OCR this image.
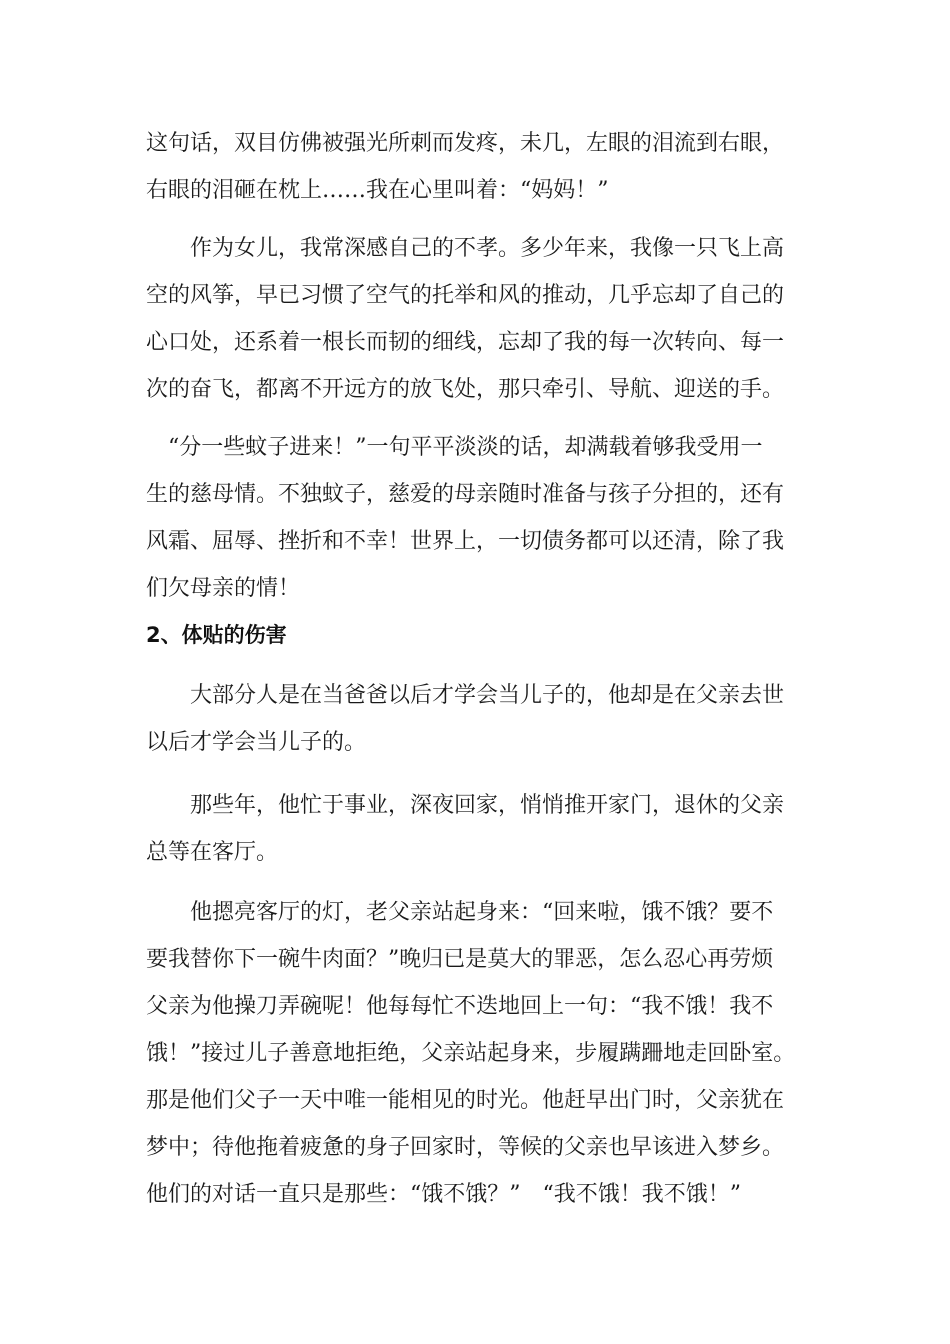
这句话，双目仿佛被强光所刺而发疼，未几，左眼的泪流到右眼，
右眼的泪砸在枕上……我在心里叫着：“妈妈！”
　　作为女儿，我常深感自己的不孝。多少年来，我像一只飞上高
空的风筝，早已习惯了空气的托举和风的推动，几乎忘却了自己的
心口处，还系着一根长而韧的细线，忘却了我的每一次转向、每一
次的奋飞，都离不开远方的放飞处，那只牵引、导航、迎送的手。
　“分一些蚊子进来！”一句平平淡淡的话，却满载着够我受用一
生的慈母情。不独蚊子，慈爱的母亲随时准备与孩子分担的，还有
风霜、屈辱、挫折和不幸！世界上，一切债务都可以还清，除了我
们欠母亲的情！
2、体贴的伤害
　　大部分人是在当爸爸以后才学会当儿子的，他却是在父亲去世
以后才学会当儿子的。
　　那些年，他忙于事业，深夜回家，悄悄推开家门，退休的父亲
总等在客厅。
　　他摁亮客厅的灯，老父亲站起身来：“回来啦，饿不饿？要不
要我替你下一碗牛肉面？”晚归已是莫大的罪恶，怎么忍心再劳烦
父亲为他操刀弄碗呢！他每每忙不迭地回上一句：“我不饿！我不
饿！”接过儿子善意地拒绝，父亲站起身来，步履蹒跚地走回卧室。
那是他们父子一天中唯一能相见的时光。他赶早出门时，父亲犹在
梦中；待他拖着疲惫的身子回家时，等候的父亲也早该进入梦乡。
他们的对话一直只是那些：“饿不饿？”　“我不饿！我不饿！”
